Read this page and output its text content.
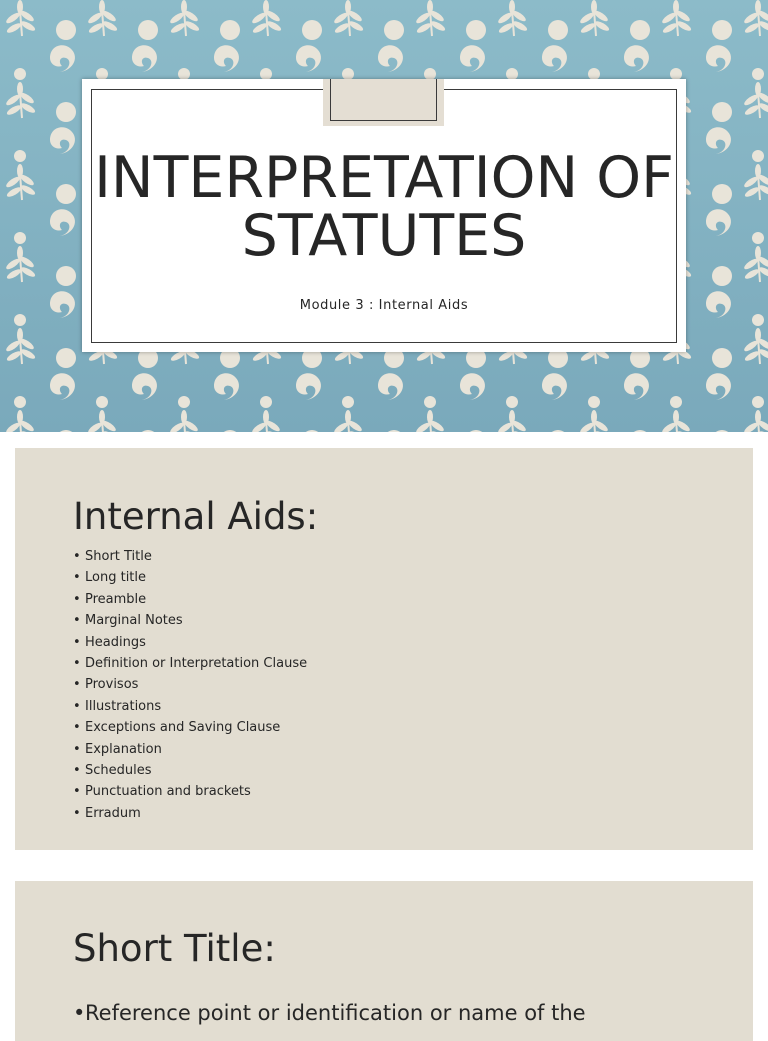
INTERPRETATION OF STATUTES
Module 3 : Internal Aids
Internal Aids:
• Short Title
• Long title
• Preamble
• Marginal Notes
• Headings
• Definition or Interpretation Clause
• Provisos
• Illustrations
• Exceptions and Saving Clause
• Explanation
• Schedules
• Punctuation and brackets
• Erradum
Short Title:
•Reference point or identification or name of the
